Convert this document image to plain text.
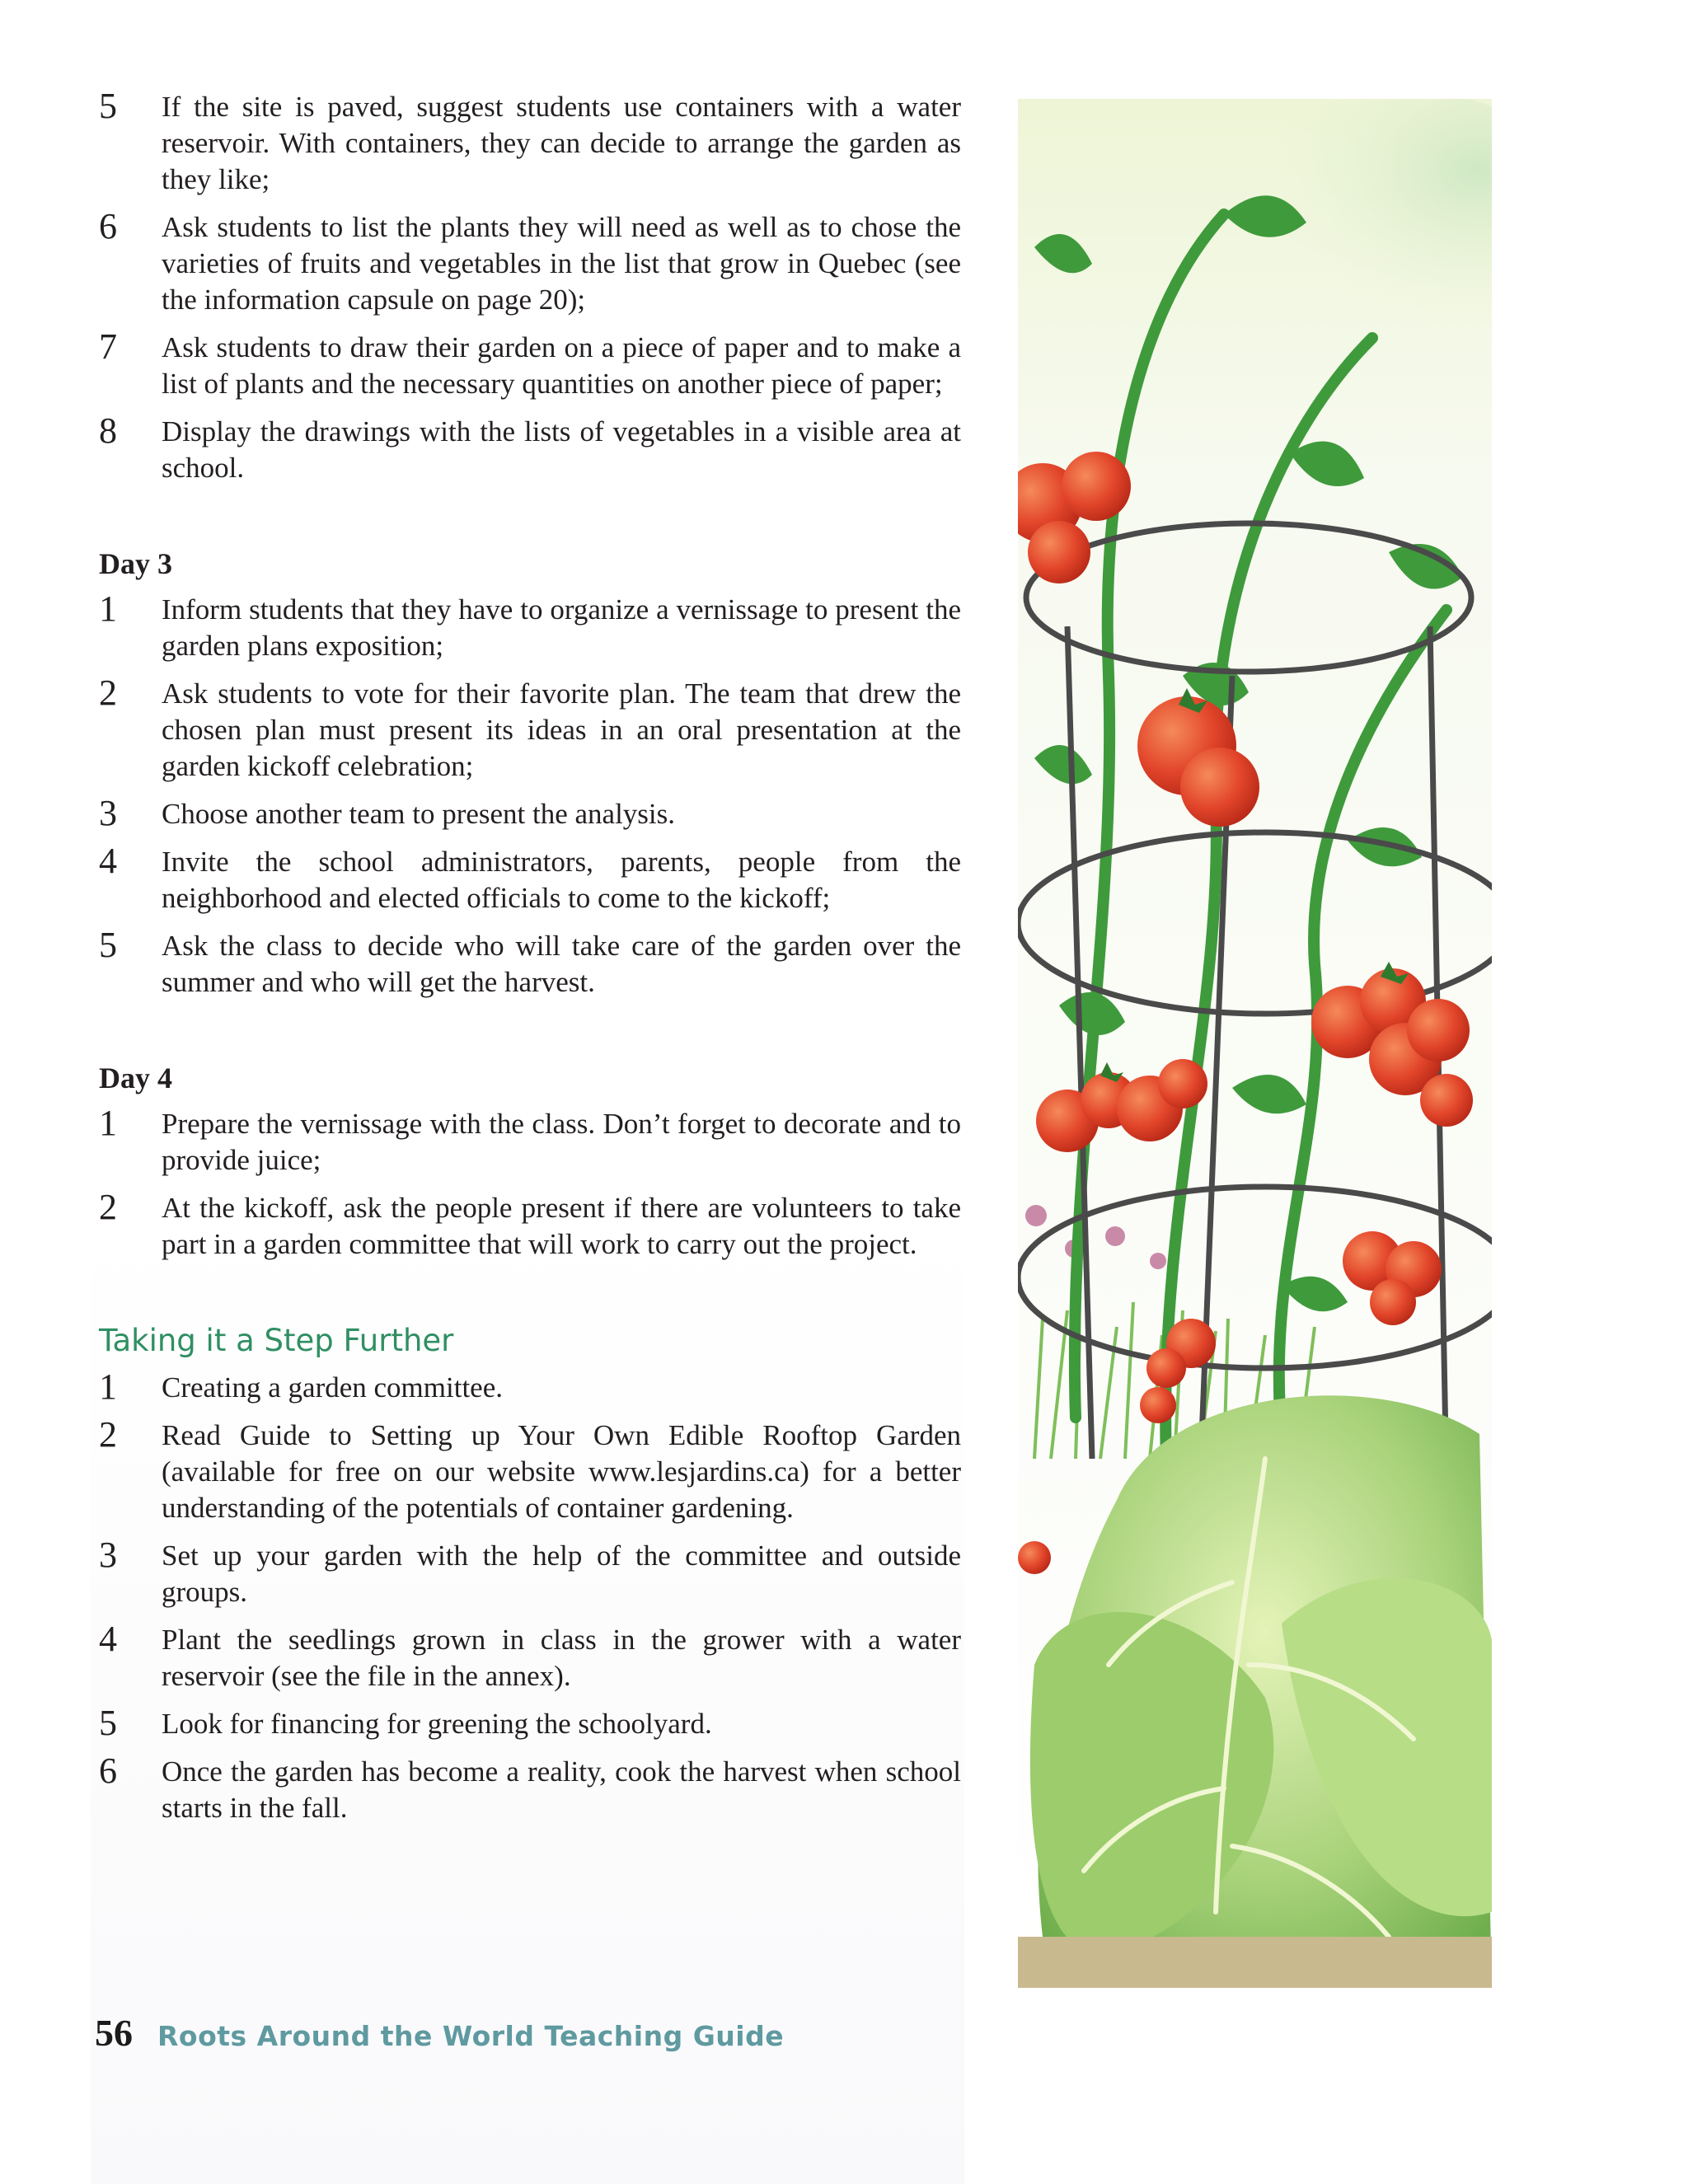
5 If the site is paved, suggest students use containers with a water reservoir. With containers, they can decide to arrange the garden as they like;
6 Ask students to list the plants they will need as well as to chose the varieties of fruits and vegetables in the list that grow in Quebec (see the information capsule on page 20);
7 Ask students to draw their garden on a piece of paper and to make a list of plants and the necessary quantities on another piece of paper;
8 Display the drawings with the lists of vegetables in a visible area at school.
Day 3
1 Inform students that they have to organize a vernissage to present the garden plans exposition;
2 Ask students to vote for their favorite plan. The team that drew the chosen plan must present its ideas in an oral presentation at the garden kickoff celebration;
3 Choose another team to present the analysis.
4 Invite the school administrators, parents, people from the neighborhood and elected officials to come to the kickoff;
5 Ask the class to decide who will take care of the garden over the summer and who will get the harvest.
Day 4
1 Prepare the vernissage with the class. Don’t forget to decorate and to provide juice;
2 At the kickoff, ask the people present if there are volunteers to take part in a garden committee that will work to carry out the project.
Taking it a Step Further
1 Creating a garden committee.
2 Read Guide to Setting up Your Own Edible Rooftop Garden (available for free on our website www.lesjardins.ca) for a better understanding of the potentials of container gardening.
3 Set up your garden with the help of the committee and outside groups.
4 Plant the seedlings grown in class in the grower with a water reservoir (see the file in the annex).
5 Look for financing for greening the schoolyard.
6 Once the garden has become a reality, cook the harvest when school starts in the fall.
56 Roots Around the World Teaching Guide
